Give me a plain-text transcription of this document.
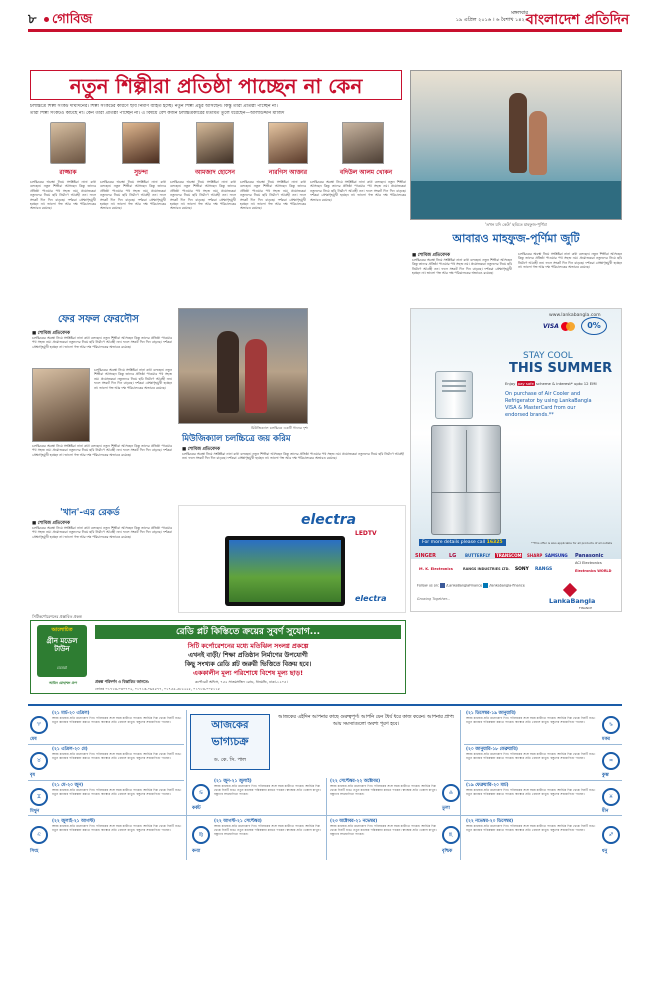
৮ গোবিজ	মঙ্গলবার
১৯ এপ্রিল ২০১৬ । ৬ বৈশাখ ১৪২৩
বাংলাদেশ প্রতিদিন
নতুন শিল্পীরা প্রতিষ্ঠা পাচ্ছেন না কেন
চলচ্চিত্রে শিল্পী সংকট দীর্ঘদিনের। শিল্পী সংকটের কারণে ছবি নির্মাণ ব্যাহত হচ্ছে। নতুন শিল্পী প্রচুর আসছেন। কিন্তু তারা প্রতিষ্ঠা পাচ্ছেন না।
তারা শিল্পী সংকটও কাটছে না। কেন তারা প্রতিষ্ঠা পাচ্ছেন না। এ বিষয়ে বেশ কজন চলচ্চিত্রকারের মতামত তুলে ধরেছেন—আলাউদ্দীন মাজিদ
রাজ্জাক	সুচন্দা	আমজাদ হোসেন	নারগিস আক্তার	বদিউল আলম খোকন
চলচ্চিত্রের অবস্থা নিয়ে সংশ্লিষ্টরা নানা কথা বলছেন। নতুন শিল্পীরা আসছেন কিন্তু তাদের প্রতিষ্ঠা পাওয়ার পথ সহজ নয়। প্রযোজকরা নতুনদের নিয়ে ছবি নির্মাণে আগ্রহী নন। ফলে সংকট দিন দিন বাড়ছে। দর্শকরা প্রেক্ষাগৃহমুখী হচ্ছেন না। ভালো গল্প আর দক্ষ পরিচালকের অভাবও রয়েছে।
চলচ্চিত্রের অবস্থা নিয়ে সংশ্লিষ্টরা নানা কথা বলছেন। নতুন শিল্পীরা আসছেন কিন্তু তাদের প্রতিষ্ঠা পাওয়ার পথ সহজ নয়। প্রযোজকরা নতুনদের নিয়ে ছবি নির্মাণে আগ্রহী নন। ফলে সংকট দিন দিন বাড়ছে। দর্শকরা প্রেক্ষাগৃহমুখী হচ্ছেন না। ভালো গল্প আর দক্ষ পরিচালকের অভাবও রয়েছে।
চলচ্চিত্রের অবস্থা নিয়ে সংশ্লিষ্টরা নানা কথা বলছেন। নতুন শিল্পীরা আসছেন কিন্তু তাদের প্রতিষ্ঠা পাওয়ার পথ সহজ নয়। প্রযোজকরা নতুনদের নিয়ে ছবি নির্মাণে আগ্রহী নন। ফলে সংকট দিন দিন বাড়ছে। দর্শকরা প্রেক্ষাগৃহমুখী হচ্ছেন না। ভালো গল্প আর দক্ষ পরিচালকের অভাবও রয়েছে।
চলচ্চিত্রের অবস্থা নিয়ে সংশ্লিষ্টরা নানা কথা বলছেন। নতুন শিল্পীরা আসছেন কিন্তু তাদের প্রতিষ্ঠা পাওয়ার পথ সহজ নয়। প্রযোজকরা নতুনদের নিয়ে ছবি নির্মাণে আগ্রহী নন। ফলে সংকট দিন দিন বাড়ছে। দর্শকরা প্রেক্ষাগৃহমুখী হচ্ছেন না। ভালো গল্প আর দক্ষ পরিচালকের অভাবও রয়েছে।
চলচ্চিত্রের অবস্থা নিয়ে সংশ্লিষ্টরা নানা কথা বলছেন। নতুন শিল্পীরা আসছেন কিন্তু তাদের প্রতিষ্ঠা পাওয়ার পথ সহজ নয়। প্রযোজকরা নতুনদের নিয়ে ছবি নির্মাণে আগ্রহী নন। ফলে সংকট দিন দিন বাড়ছে। দর্শকরা প্রেক্ষাগৃহমুখী হচ্ছেন না। ভালো গল্প আর দক্ষ পরিচালকের অভাবও রয়েছে।
'তখন যদি কেউ' ছবিতে মাহফুজ-পূর্ণিমা
আবারও মাহফুজ-পূর্ণিমা জুটি
■ শোবিজ প্রতিবেদক
চলচ্চিত্রের অবস্থা নিয়ে সংশ্লিষ্টরা নানা কথা বলছেন। নতুন শিল্পীরা আসছেন কিন্তু তাদের প্রতিষ্ঠা পাওয়ার পথ সহজ নয়। প্রযোজকরা নতুনদের নিয়ে ছবি নির্মাণে আগ্রহী নন। ফলে সংকট দিন দিন বাড়ছে। দর্শকরা প্রেক্ষাগৃহমুখী হচ্ছেন না। ভালো গল্প আর দক্ষ পরিচালকের অভাবও রয়েছে।
চলচ্চিত্রের অবস্থা নিয়ে সংশ্লিষ্টরা নানা কথা বলছেন। নতুন শিল্পীরা আসছেন কিন্তু তাদের প্রতিষ্ঠা পাওয়ার পথ সহজ নয়। প্রযোজকরা নতুনদের নিয়ে ছবি নির্মাণে আগ্রহী নন। ফলে সংকট দিন দিন বাড়ছে। দর্শকরা প্রেক্ষাগৃহমুখী হচ্ছেন না। ভালো গল্প আর দক্ষ পরিচালকের অভাবও রয়েছে।
ফের সফল ফেরদৌস
■ শোবিজ প্রতিবেদক
চলচ্চিত্রের অবস্থা নিয়ে সংশ্লিষ্টরা নানা কথা বলছেন। নতুন শিল্পীরা আসছেন কিন্তু তাদের প্রতিষ্ঠা পাওয়ার পথ সহজ নয়। প্রযোজকরা নতুনদের নিয়ে ছবি নির্মাণে আগ্রহী নন। ফলে সংকট দিন দিন বাড়ছে। দর্শকরা প্রেক্ষাগৃহমুখী হচ্ছেন না। ভালো গল্প আর দক্ষ পরিচালকের অভাবও রয়েছে।
চলচ্চিত্রের অবস্থা নিয়ে সংশ্লিষ্টরা নানা কথা বলছেন। নতুন শিল্পীরা আসছেন কিন্তু তাদের প্রতিষ্ঠা পাওয়ার পথ সহজ নয়। প্রযোজকরা নতুনদের নিয়ে ছবি নির্মাণে আগ্রহী নন। ফলে সংকট দিন দিন বাড়ছে। দর্শকরা প্রেক্ষাগৃহমুখী হচ্ছেন না। ভালো গল্প আর দক্ষ পরিচালকের অভাবও রয়েছে।
চলচ্চিত্রের অবস্থা নিয়ে সংশ্লিষ্টরা নানা কথা বলছেন। নতুন শিল্পীরা আসছেন কিন্তু তাদের প্রতিষ্ঠা পাওয়ার পথ সহজ নয়। প্রযোজকরা নতুনদের নিয়ে ছবি নির্মাণে আগ্রহী নন। ফলে সংকট দিন দিন বাড়ছে। দর্শকরা প্রেক্ষাগৃহমুখী হচ্ছেন না। ভালো গল্প আর দক্ষ পরিচালকের অভাবও রয়েছে।
মিউজিক্যাল চলচ্চিত্রে একটি গানের দৃশ্য
মিউজিক্যাল চলচ্চিত্রে জয় করিম
■ শোবিজ প্রতিবেদক
চলচ্চিত্রের অবস্থা নিয়ে সংশ্লিষ্টরা নানা কথা বলছেন। নতুন শিল্পীরা আসছেন কিন্তু তাদের প্রতিষ্ঠা পাওয়ার পথ সহজ নয়। প্রযোজকরা নতুনদের নিয়ে ছবি নির্মাণে আগ্রহী নন। ফলে সংকট দিন দিন বাড়ছে। দর্শকরা প্রেক্ষাগৃহমুখী হচ্ছেন না। ভালো গল্প আর দক্ষ পরিচালকের অভাবও রয়েছে।
'খান'-এর রেকর্ড
■ শোবিজ প্রতিবেদক
চলচ্চিত্রের অবস্থা নিয়ে সংশ্লিষ্টরা নানা কথা বলছেন। নতুন শিল্পীরা আসছেন কিন্তু তাদের প্রতিষ্ঠা পাওয়ার পথ সহজ নয়। প্রযোজকরা নতুনদের নিয়ে ছবি নির্মাণে আগ্রহী নন। ফলে সংকট দিন দিন বাড়ছে। দর্শকরা প্রেক্ষাগৃহমুখী হচ্ছেন না। ভালো গল্প আর দক্ষ পরিচালকের অভাবও রয়েছে।
electra
LEDTV
electra
www.lankabangla.com
VISA	0%
STAY COOL
THIS SUMMER
Enjoy pay safe scheme & interest* upto 12 EMI
On purchase of Air Cooler and
Refrigerator by using LankaBangla
VISA & MasterCard from our
endorsed brands.**
For more details please call 16325	**This offer is also applicable for all products of all outlets
SINGER	LG BUTTERFLY TRANSCOM SHARP SAMSUNG Panasonic
ACI Electronics
M. K. Electronics	RANGS INDUSTRIES LTD. SONY RANGS	Electronics WORLD
Follow us on: /LankaBanglaFinance /lankabangla-finance
Growing Together...	LankaBangla
FINANCE
সিটিকর্পোরেশনের প্রস্তাবিত প্রকল্প
আলোচিত
গ্রীন মডেল টাউন
ডেমরা
আমিন মোহাম্মদ গ্রুপ
রেডি প্লট কিস্তিতে ক্রয়ের সুবর্ণ সুযোগ...
সিটি কর্পোরেশনের মধ্যে মতিঝিল সংলগ্ন প্রকল্পে
এখনই বাড়ী/ শিক্ষা প্রতিষ্ঠান নির্মাণের উপযোগী
কিছু সংখ্যক রেডি প্লট জরুরী ভিত্তিতে বিক্রয় হবে।
এককালীন মূল্য পরিশোধে বিশেষ মূল্য ছাড়!
প্রকল্প পরিদর্শন ও বিস্তারিত জানতে:	কর্পোরেট অফিস, ৭৫২ সাতমসজিদ রোড, ধানমন্ডি, ঢাকা-১২০৫।
ফোনঃ ০১৭১৩-০৩০৭০২, ০১৭১৩-০৬৪৫৭৭, ০১৭৫৫-৫৮২২২৫, ০১৭১৩-০০৮১১৮
আজকের
ভাগ্যচক্র
ড. কে. সি. পাল
আজকের এইদিন আপনার কাছে গুরুত্বপূর্ণ। আপনি যেন ধৈর্য ধরে কাজ করেন। আপনার প্রাপ্য আয় সমস্যাগুলো অবশ্য পূরণ হবে।
♈
মেষ
(২১ মার্চ-২০ এপ্রিল)
আজ কাজের প্রতি মনোযোগ দিন। পরিবারের সঙ্গে সময় কাটাতে পারেন। আর্থিক দিক থেকে দিনটি শুভ। নতুন কাজের পরিকল্পনা করতে পারেন। স্বাস্থ্যের প্রতি খেয়াল রাখুন। বন্ধুদের সহযোগিতা পাবেন।
♉
বৃষ
(২১ এপ্রিল-২০ মে)
আজ কাজের প্রতি মনোযোগ দিন। পরিবারের সঙ্গে সময় কাটাতে পারেন। আর্থিক দিক থেকে দিনটি শুভ। নতুন কাজের পরিকল্পনা করতে পারেন। স্বাস্থ্যের প্রতি খেয়াল রাখুন। বন্ধুদের সহযোগিতা পাবেন।
♊
মিথুন
(২১ মে-২০ জুন)
আজ কাজের প্রতি মনোযোগ দিন। পরিবারের সঙ্গে সময় কাটাতে পারেন। আর্থিক দিক থেকে দিনটি শুভ। নতুন কাজের পরিকল্পনা করতে পারেন। স্বাস্থ্যের প্রতি খেয়াল রাখুন। বন্ধুদের সহযোগিতা পাবেন।
♑
মকর
(২১ ডিসেম্বর-১৯ জানুয়ারি)
আজ কাজের প্রতি মনোযোগ দিন। পরিবারের সঙ্গে সময় কাটাতে পারেন। আর্থিক দিক থেকে দিনটি শুভ। নতুন কাজের পরিকল্পনা করতে পারেন। স্বাস্থ্যের প্রতি খেয়াল রাখুন। বন্ধুদের সহযোগিতা পাবেন।
♒
কুম্ভ
(২০ জানুয়ারি-১৮ ফেব্রুয়ারি)
আজ কাজের প্রতি মনোযোগ দিন। পরিবারের সঙ্গে সময় কাটাতে পারেন। আর্থিক দিক থেকে দিনটি শুভ। নতুন কাজের পরিকল্পনা করতে পারেন। স্বাস্থ্যের প্রতি খেয়াল রাখুন। বন্ধুদের সহযোগিতা পাবেন।
♓
মীন
(১৯ ফেব্রুয়ারি-২০ মার্চ)
আজ কাজের প্রতি মনোযোগ দিন। পরিবারের সঙ্গে সময় কাটাতে পারেন। আর্থিক দিক থেকে দিনটি শুভ। নতুন কাজের পরিকল্পনা করতে পারেন। স্বাস্থ্যের প্রতি খেয়াল রাখুন। বন্ধুদের সহযোগিতা পাবেন।
♋
কর্কট
(২১ জুন-২১ জুলাই)
আজ কাজের প্রতি মনোযোগ দিন। পরিবারের সঙ্গে সময় কাটাতে পারেন। আর্থিক দিক থেকে দিনটি শুভ। নতুন কাজের পরিকল্পনা করতে পারেন। স্বাস্থ্যের প্রতি খেয়াল রাখুন। বন্ধুদের সহযোগিতা পাবেন।	♎
তুলা
(২২ সেপ্টেম্বর-২২ অক্টোবর)
আজ কাজের প্রতি মনোযোগ দিন। পরিবারের সঙ্গে সময় কাটাতে পারেন। আর্থিক দিক থেকে দিনটি শুভ। নতুন কাজের পরিকল্পনা করতে পারেন। স্বাস্থ্যের প্রতি খেয়াল রাখুন। বন্ধুদের সহযোগিতা পাবেন।
♌
সিংহ
(২২ জুলাই-২১ আগস্ট)
আজ কাজের প্রতি মনোযোগ দিন। পরিবারের সঙ্গে সময় কাটাতে পারেন। আর্থিক দিক থেকে দিনটি শুভ। নতুন কাজের পরিকল্পনা করতে পারেন। স্বাস্থ্যের প্রতি খেয়াল রাখুন। বন্ধুদের সহযোগিতা পাবেন।
♍
কন্যা
(২২ আগস্ট-২১ সেপ্টেম্বর)
আজ কাজের প্রতি মনোযোগ দিন। পরিবারের সঙ্গে সময় কাটাতে পারেন। আর্থিক দিক থেকে দিনটি শুভ। নতুন কাজের পরিকল্পনা করতে পারেন। স্বাস্থ্যের প্রতি খেয়াল রাখুন। বন্ধুদের সহযোগিতা পাবেন।	♏
বৃশ্চিক
(২৩ অক্টোবর-২১ নভেম্বর)
আজ কাজের প্রতি মনোযোগ দিন। পরিবারের সঙ্গে সময় কাটাতে পারেন। আর্থিক দিক থেকে দিনটি শুভ। নতুন কাজের পরিকল্পনা করতে পারেন। স্বাস্থ্যের প্রতি খেয়াল রাখুন। বন্ধুদের সহযোগিতা পাবেন।	♐
ধনু
(২২ নভেম্বর-২০ ডিসেম্বর)
আজ কাজের প্রতি মনোযোগ দিন। পরিবারের সঙ্গে সময় কাটাতে পারেন। আর্থিক দিক থেকে দিনটি শুভ। নতুন কাজের পরিকল্পনা করতে পারেন। স্বাস্থ্যের প্রতি খেয়াল রাখুন। বন্ধুদের সহযোগিতা পাবেন।
